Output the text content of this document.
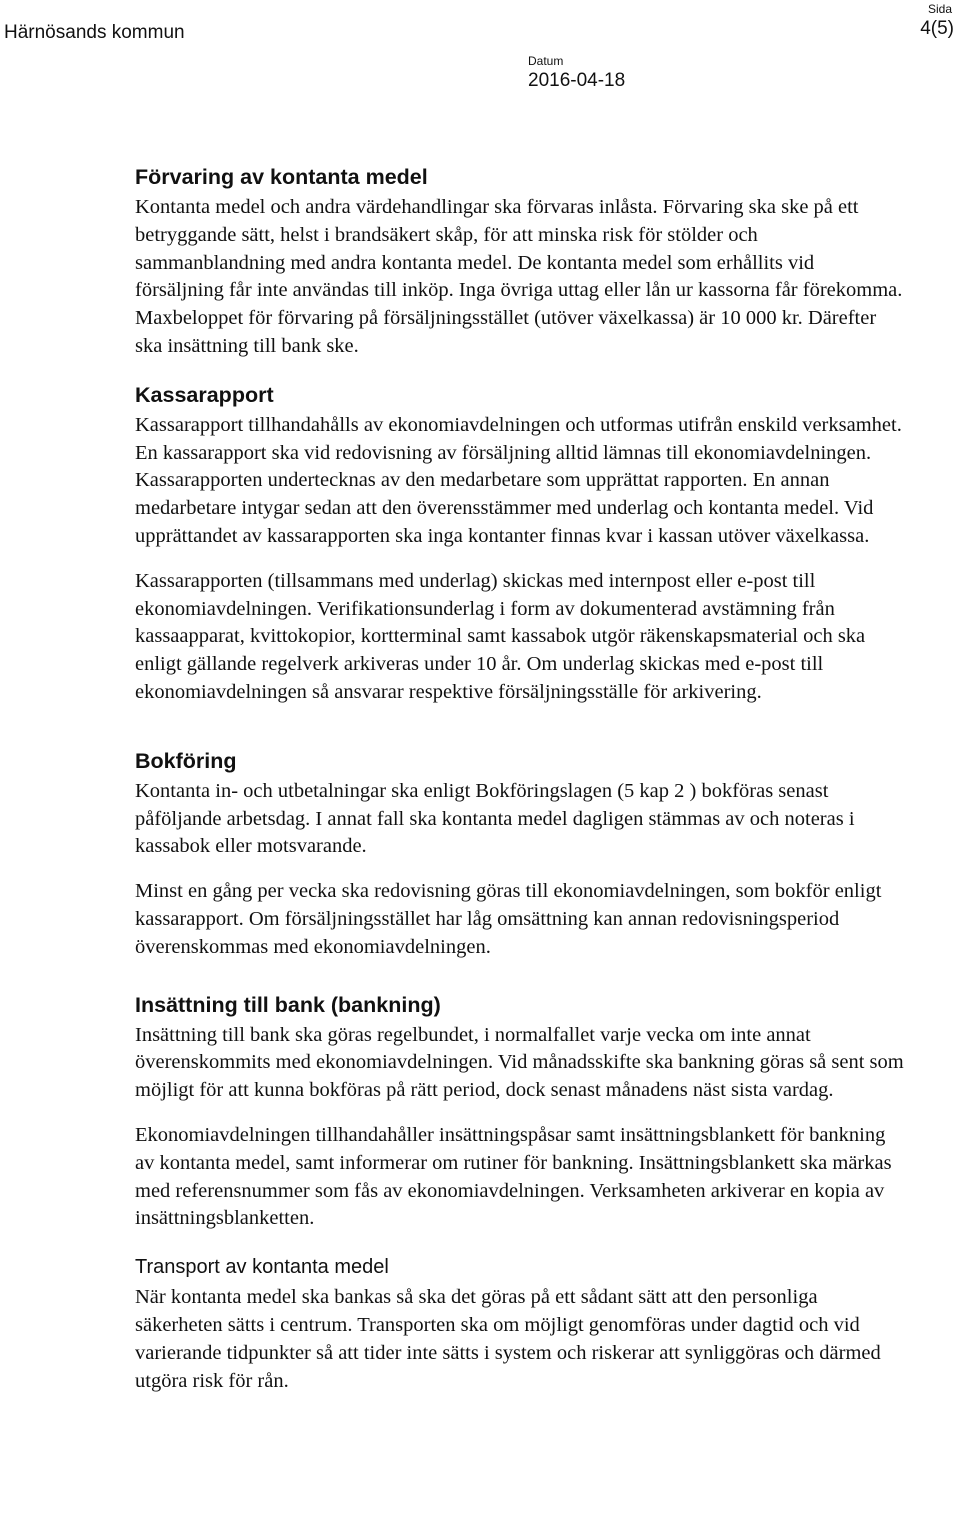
Härnösands kommun
Datum
2016-04-18
Sida
4(5)
Förvaring av kontanta medel

Kontanta medel och andra värdehandlingar ska förvaras inlåsta. Förvaring ska ske på ett betryggande sätt, helst i brandsäkert skåp, för att minska risk för stölder och sammanblandning med andra kontanta medel. De kontanta medel som erhållits vid försäljning får inte användas till inköp. Inga övriga uttag eller lån ur kassorna får förekomma. Maxbeloppet för förvaring på försäljningsstället (utöver växelkassa) är 10 000 kr. Därefter ska insättning till bank ske.

Kassarapport

Kassarapport tillhandahålls av ekonomiavdelningen och utformas utifrån enskild verksamhet. En kassarapport ska vid redovisning av försäljning alltid lämnas till ekonomiavdelningen. Kassarapporten undertecknas av den medarbetare som upprättat rapporten. En annan medarbetare intygar sedan att den överensstämmer med underlag och kontanta medel. Vid upprättandet av kassarapporten ska inga kontanter finnas kvar i kassan utöver växelkassa.

Kassarapporten (tillsammans med underlag) skickas med internpost eller e-post till ekonomiavdelningen. Verifikationsunderlag i form av dokumenterad avstämning från kassaapparat, kvittokopior, kortterminal samt kassabok utgör räkenskapsmaterial och ska enligt gällande regelverk arkiveras under 10 år. Om underlag skickas med e-post till ekonomiavdelningen så ansvarar respektive försäljningsställe för arkivering.

Bokföring

Kontanta in- och utbetalningar ska enligt Bokföringslagen (5 kap 2 ) bokföras senast påföljande arbetsdag. I annat fall ska kontanta medel dagligen stämmas av och noteras i kassabok eller motsvarande.

Minst en gång per vecka ska redovisning göras till ekonomiavdelningen, som bokför enligt kassarapport. Om försäljningsstället har låg omsättning kan annan redovisningsperiod överenskommas med ekonomiavdelningen.

Insättning till bank (bankning)

Insättning till bank ska göras regelbundet, i normalfallet varje vecka om inte annat överenskommits med ekonomiavdelningen. Vid månadsskifte ska bankning göras så sent som möjligt för att kunna bokföras på rätt period, dock senast månadens näst sista vardag.

Ekonomiavdelningen tillhandahåller insättningspåsar samt insättningsblankett för bankning av kontanta medel, samt informerar om rutiner för bankning. Insättningsblankett ska märkas med referensnummer som fås av ekonomiavdelningen. Verksamheten arkiverar en kopia av insättningsblanketten.

Transport av kontanta medel

När kontanta medel ska bankas så ska det göras på ett sådant sätt att den personliga säkerheten sätts i centrum. Transporten ska om möjligt genomföras under dagtid och vid varierande tidpunkter så att tider inte sätts i system och riskerar att synliggöras och därmed utgöra risk för rån.
